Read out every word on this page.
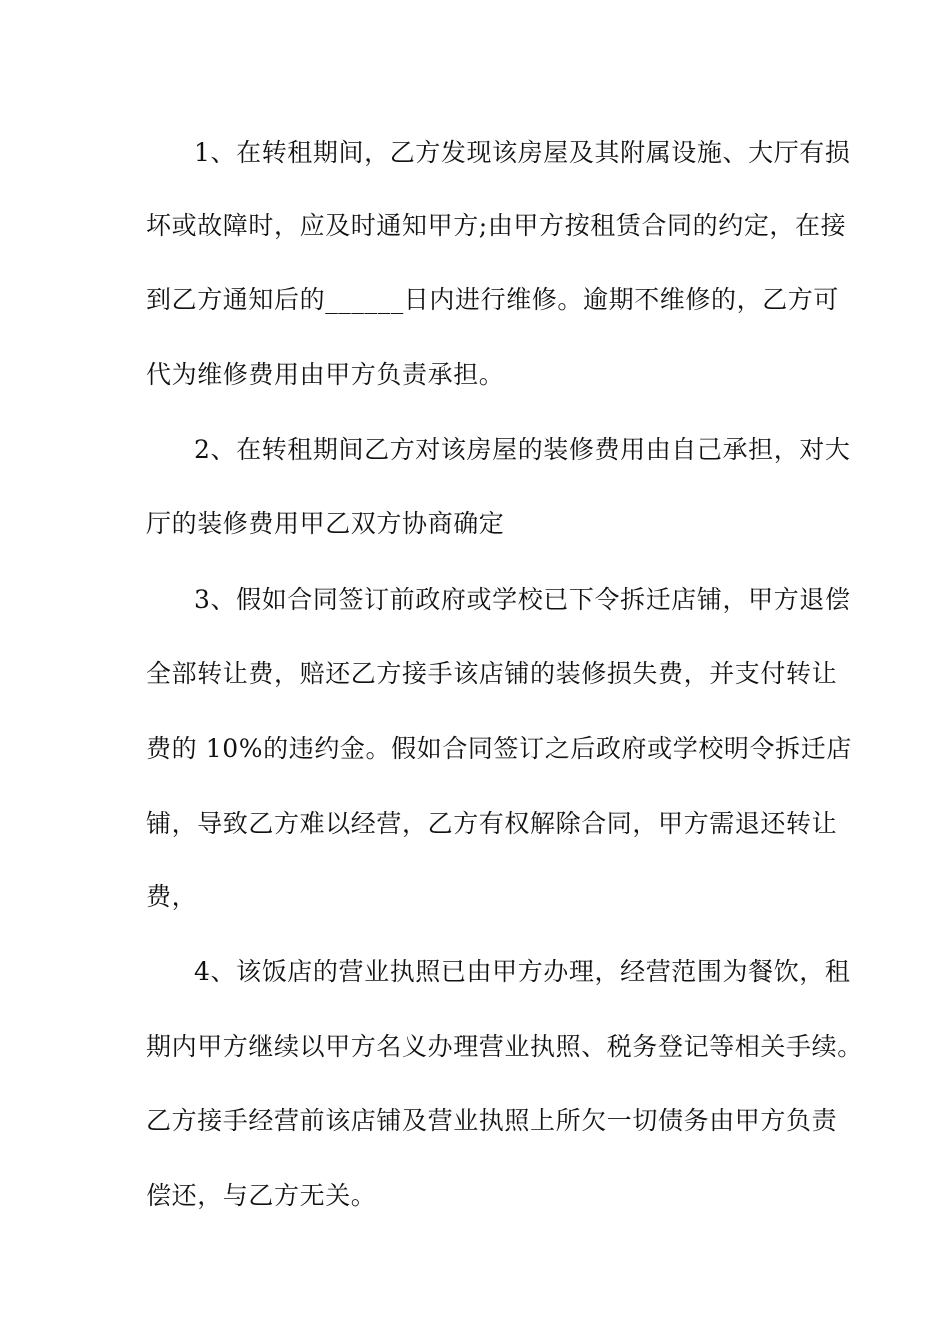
1、在转租期间，乙方发现该房屋及其附属设施、大厅有损
坏或故障时，应及时通知甲方;由甲方按租赁合同的约定，在接
到乙方通知后的______日内进行维修。逾期不维修的，乙方可
代为维修费用由甲方负责承担。
2、在转租期间乙方对该房屋的装修费用由自己承担，对大
厅的装修费用甲乙双方协商确定
3、假如合同签订前政府或学校已下令拆迁店铺，甲方退偿
全部转让费，赔还乙方接手该店铺的装修损失费，并支付转让
费的 10%的违约金。假如合同签订之后政府或学校明令拆迁店
铺，导致乙方难以经营，乙方有权解除合同，甲方需退还转让
费，
4、该饭店的营业执照已由甲方办理，经营范围为餐饮，租
期内甲方继续以甲方名义办理营业执照、税务登记等相关手续。
乙方接手经营前该店铺及营业执照上所欠一切债务由甲方负责
偿还，与乙方无关。
